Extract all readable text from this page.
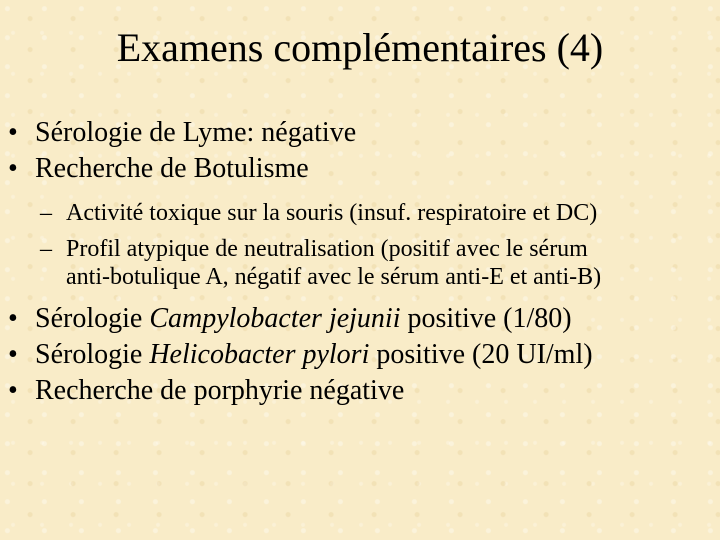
Examens complémentaires (4)
• Sérologie de Lyme: négative
• Recherche de Botulisme
– Activité toxique sur la souris (insuf. respiratoire et DC)
– Profil atypique de neutralisation (positif avec le sérum
anti-botulique A, négatif avec le sérum anti-E et anti-B)
• Sérologie Campylobacter jejunii positive (1/80)
• Sérologie Helicobacter pylori positive (20 UI/ml)
• Recherche de porphyrie négative
